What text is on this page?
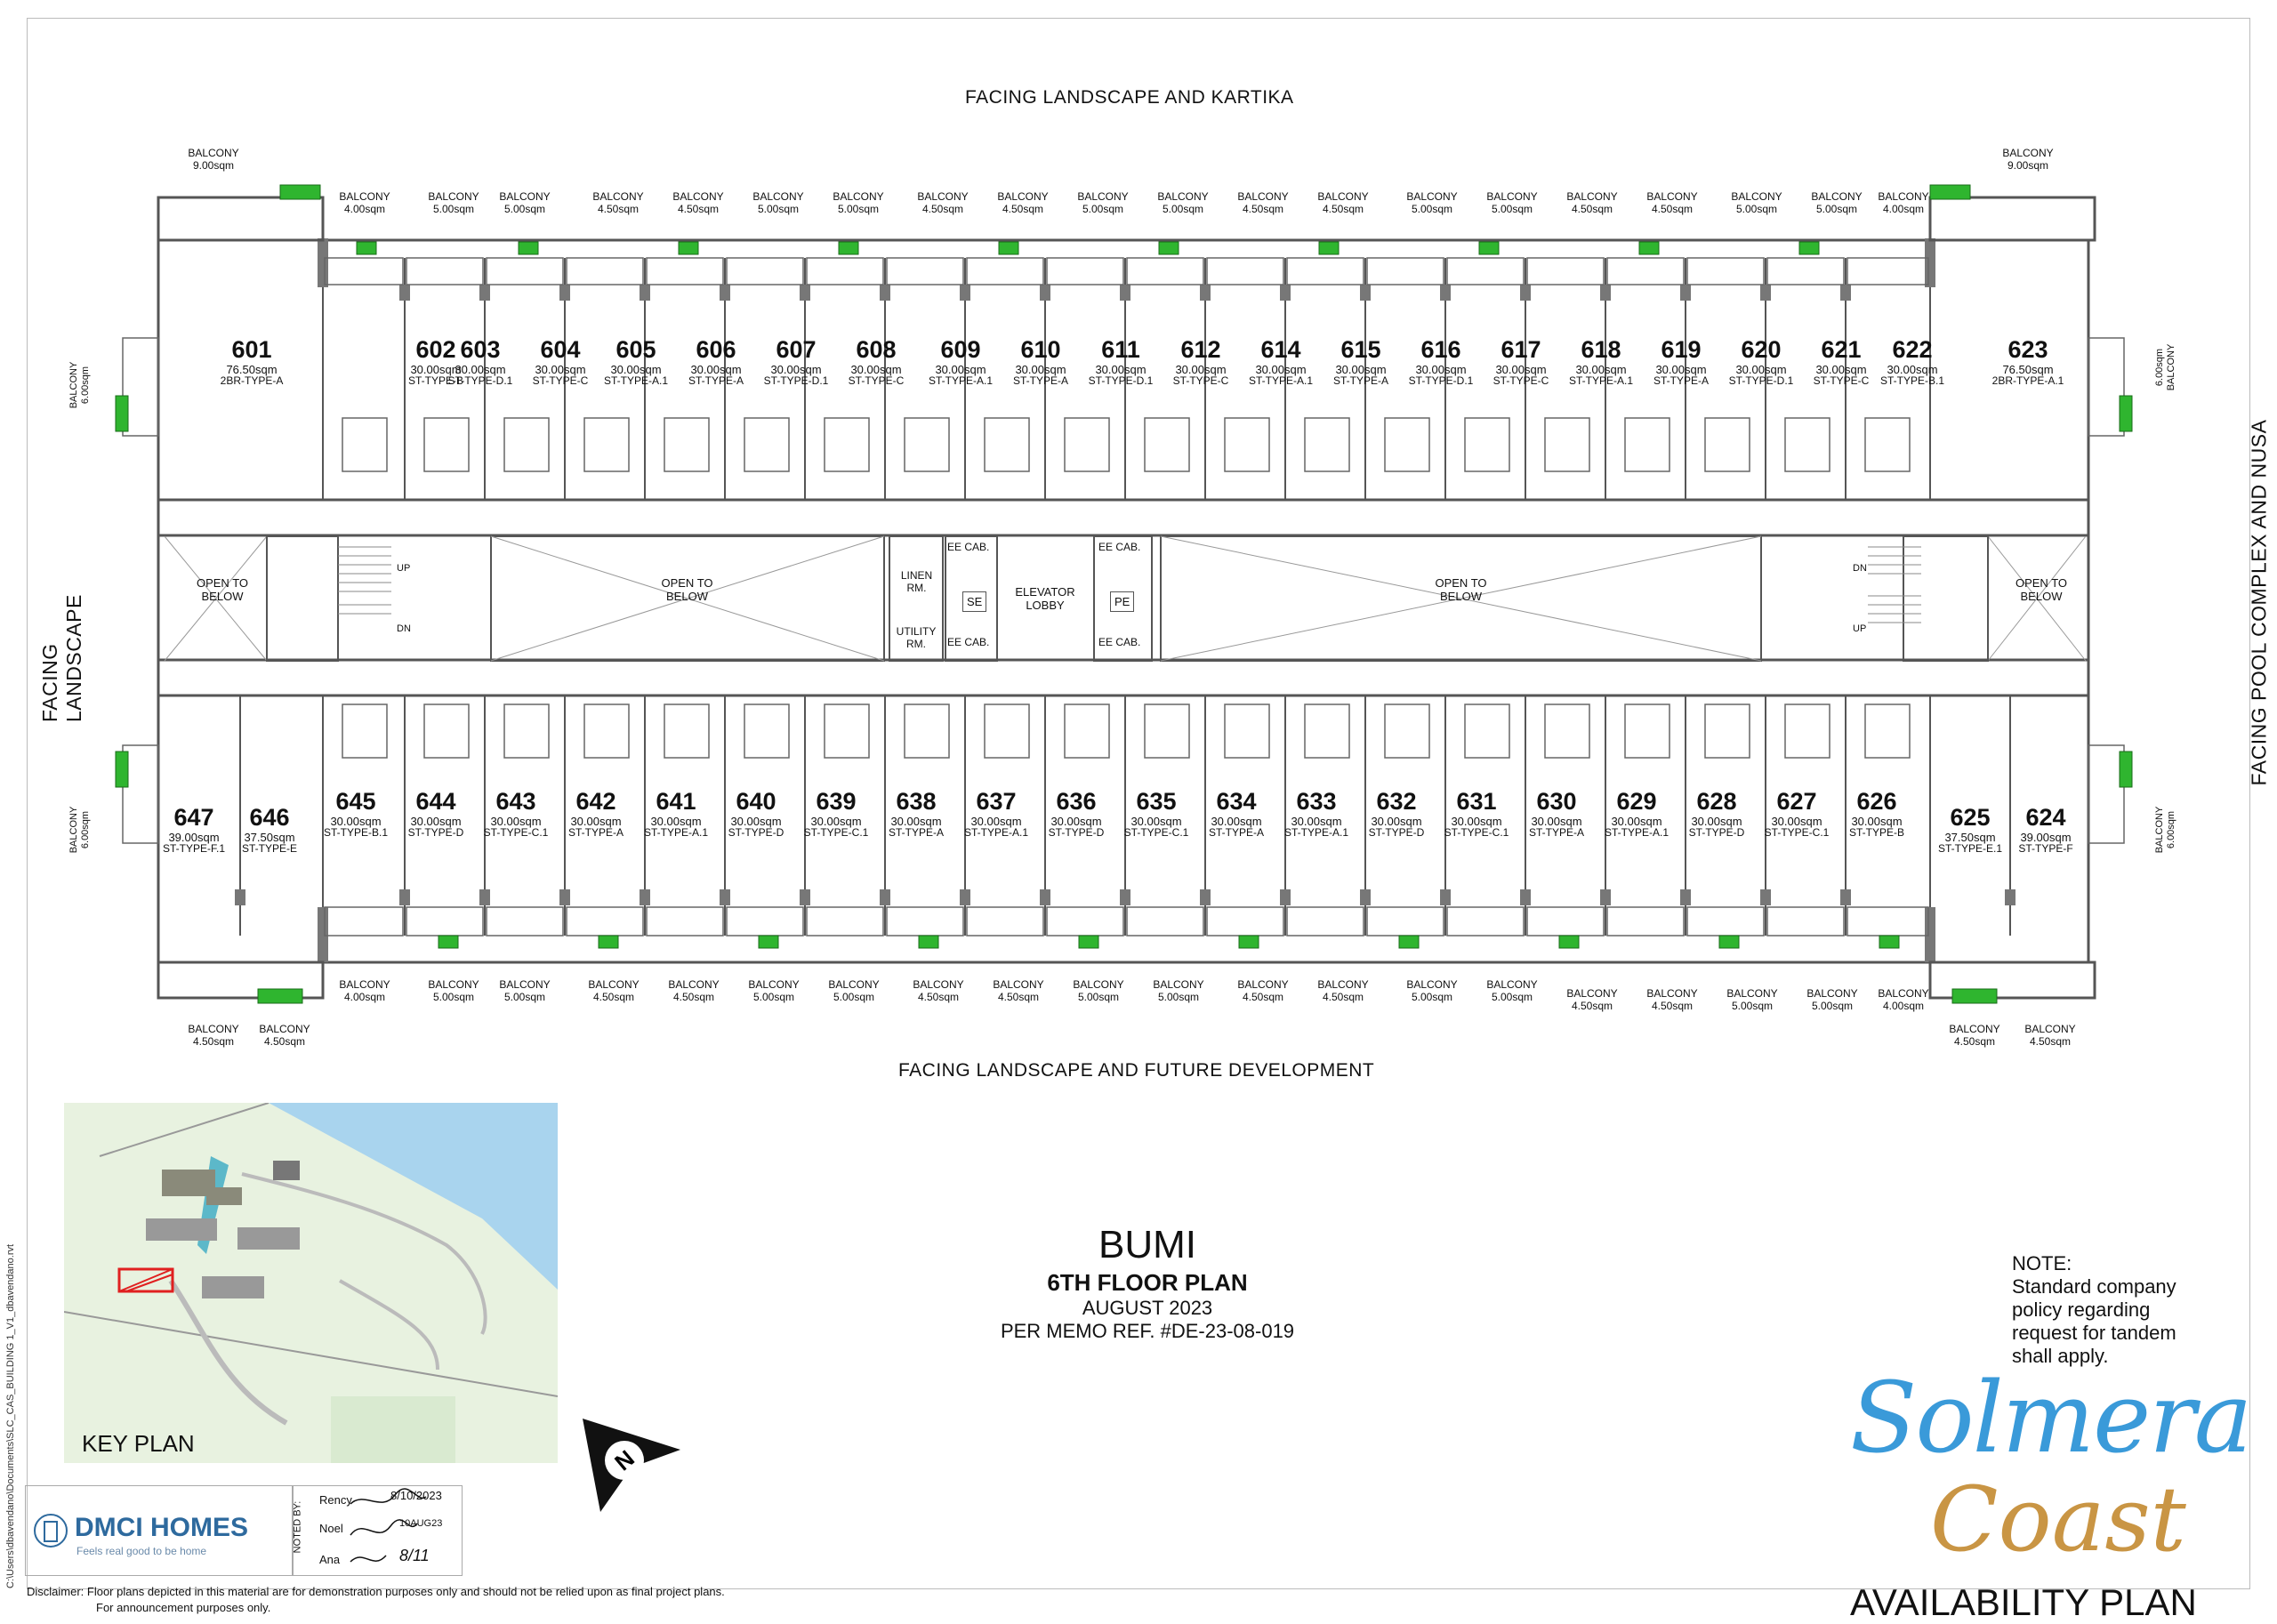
FACING LANDSCAPE AND KARTIKA
FACING LANDSCAPE AND FUTURE DEVELOPMENT
FACING LANDSCAPE	FACING POOL COMPLEX AND NUSA
OPEN TO BELOW
OPEN TO BELOW
OPEN TO BELOW
OPEN TO BELOW
LINEN RM.
UTILITY RM.
EE CAB.
EE CAB.
EE CAB.
EE CAB.
SE	PE
ELEVATOR LOBBY
UP
DN
DN
UP
601
76.50sqm
2BR-TYPE-A
602
30.00sqm
ST-TYPE-B
603
30.00sqm
ST-TYPE-D.1
604
30.00sqm
ST-TYPE-C
605
30.00sqm
ST-TYPE-A.1
606
30.00sqm
ST-TYPE-A
607
30.00sqm
ST-TYPE-D.1
608
30.00sqm
ST-TYPE-C
609
30.00sqm
ST-TYPE-A.1
610
30.00sqm
ST-TYPE-A
611
30.00sqm
ST-TYPE-D.1
612
30.00sqm
ST-TYPE-C
614
30.00sqm
ST-TYPE-A.1
615
30.00sqm
ST-TYPE-A
616
30.00sqm
ST-TYPE-D.1
617
30.00sqm
ST-TYPE-C
618
30.00sqm
ST-TYPE-A.1
619
30.00sqm
ST-TYPE-A
620
30.00sqm
ST-TYPE-D.1
621
30.00sqm
ST-TYPE-C
622
30.00sqm
ST-TYPE-B.1
623
76.50sqm
2BR-TYPE-A.1
647
39.00sqm
ST-TYPE-F.1
646
37.50sqm
ST-TYPE-E
645
30.00sqm
ST-TYPE-B.1
644
30.00sqm
ST-TYPE-D
643
30.00sqm
ST-TYPE-C.1
642
30.00sqm
ST-TYPE-A
641
30.00sqm
ST-TYPE-A.1
640
30.00sqm
ST-TYPE-D
639
30.00sqm
ST-TYPE-C.1
638
30.00sqm
ST-TYPE-A
637
30.00sqm
ST-TYPE-A.1
636
30.00sqm
ST-TYPE-D
635
30.00sqm
ST-TYPE-C.1
634
30.00sqm
ST-TYPE-A
633
30.00sqm
ST-TYPE-A.1
632
30.00sqm
ST-TYPE-D
631
30.00sqm
ST-TYPE-C.1
630
30.00sqm
ST-TYPE-A
629
30.00sqm
ST-TYPE-A.1
628
30.00sqm
ST-TYPE-D
627
30.00sqm
ST-TYPE-C.1
626
30.00sqm
ST-TYPE-B
625
37.50sqm
ST-TYPE-E.1
624
39.00sqm
ST-TYPE-F
BALCONY
9.00sqm
BALCONY
4.00sqm
BALCONY
5.00sqm
BALCONY
5.00sqm
BALCONY
4.50sqm
BALCONY
4.50sqm
BALCONY
5.00sqm
BALCONY
5.00sqm
BALCONY
4.50sqm
BALCONY
4.50sqm
BALCONY
5.00sqm
BALCONY
5.00sqm
BALCONY
4.50sqm
BALCONY
4.50sqm
BALCONY
5.00sqm
BALCONY
5.00sqm
BALCONY
4.50sqm
BALCONY
4.50sqm
BALCONY
5.00sqm
BALCONY
5.00sqm
BALCONY
4.00sqm
BALCONY
9.00sqm
BALCONY
4.00sqm
BALCONY
5.00sqm
BALCONY
5.00sqm
BALCONY
4.50sqm
BALCONY
4.50sqm
BALCONY
5.00sqm
BALCONY
5.00sqm
BALCONY
4.50sqm
BALCONY
4.50sqm
BALCONY
5.00sqm
BALCONY
5.00sqm
BALCONY
4.50sqm
BALCONY
4.50sqm
BALCONY
5.00sqm
BALCONY
5.00sqm	BALCONY
4.50sqm
BALCONY
4.50sqm
BALCONY
5.00sqm
BALCONY
5.00sqm
BALCONY
4.00sqm
BALCONY
4.50sqm
BALCONY
4.50sqm
BALCONY
4.50sqm
BALCONY
4.50sqm
BALCONY
6.00sqm	6.00sqm
BALCONY
BALCONY
6.00sqm	BALCONY
6.00sqm
KEY PLAN
N
BUMI
6TH FLOOR PLAN
AUGUST 2023
PER MEMO REF. #DE-23-08-019
NOTE:
Standard company
policy regarding
request for tandem
shall apply.
Solmera
Coast
AVAILABILITY PLAN
DMCI HOMES
Feels real good to be home	NOTED BY:
Rency	8/10/2023
Noel	10AUG23
Ana	8/11
C:\Users\dbavendano\Documents\SLC_CAS_BUILDING 1_V1_dbavendano.rvt
Disclaimer: Floor plans depicted in this material are for demonstration purposes only and should not be relied upon as final project plans.
For announcement purposes only.
